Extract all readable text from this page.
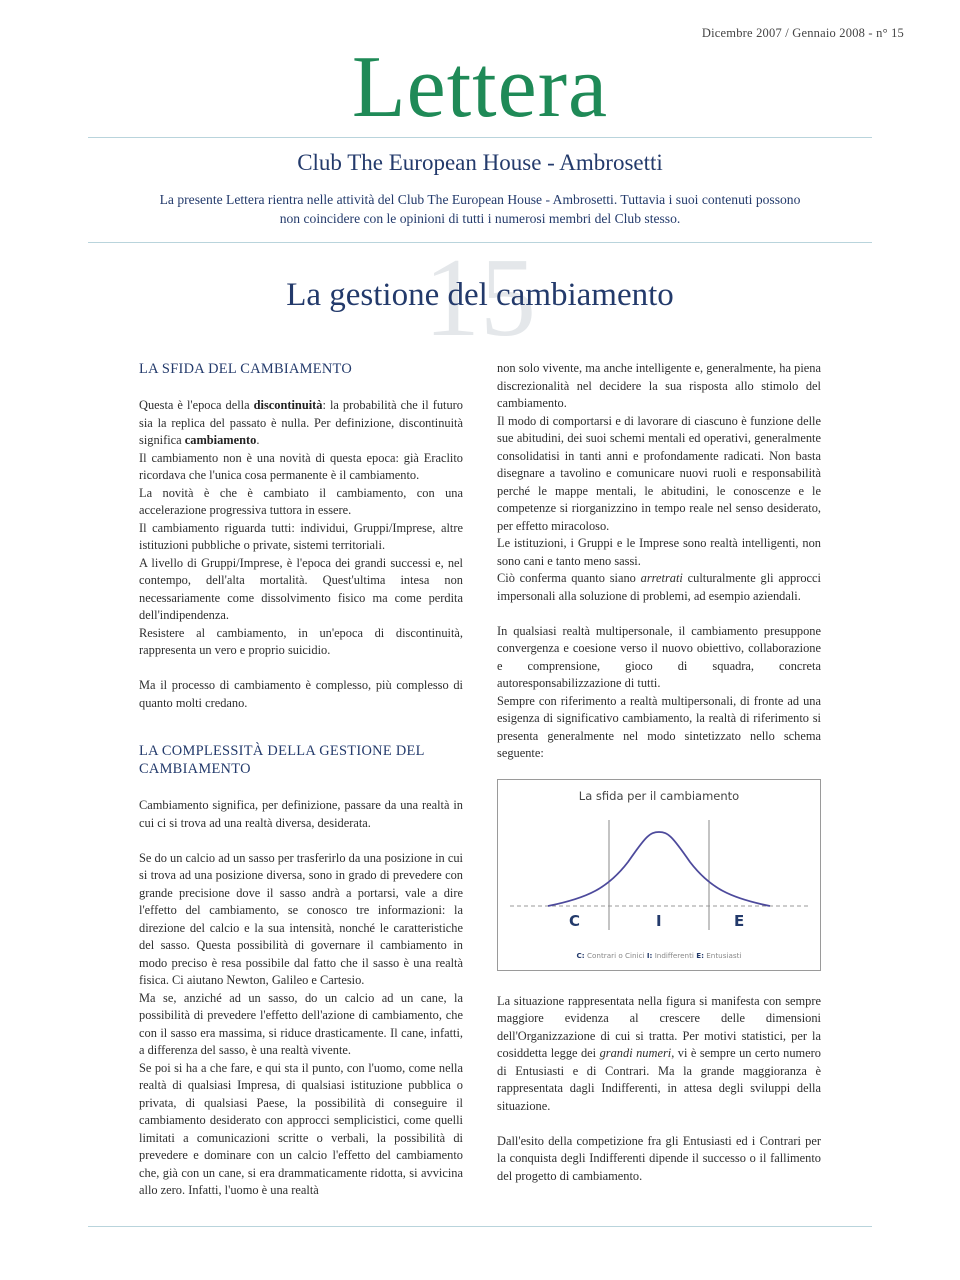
Dicembre 2007 / Gennaio 2008 - n° 15
Lettera
Club The European House - Ambrosetti
La presente Lettera rientra nelle attività del Club The European House - Ambrosetti. Tuttavia i suoi contenuti possono non coincidere con le opinioni di tutti i numerosi membri del Club stesso.
15
La gestione del cambiamento
LA SFIDA DEL CAMBIAMENTO

Questa è l'epoca della discontinuità: la probabilità che il futuro sia la replica del passato è nulla. Per definizione, discontinuità significa cambiamento.

Il cambiamento non è una novità di questa epoca: già Eraclito ricordava che l'unica cosa permanente è il cambiamento.

La novità è che è cambiato il cambiamento, con una accelerazione progressiva tuttora in essere.

Il cambiamento riguarda tutti: individui, Gruppi/Imprese, altre istituzioni pubbliche o private, sistemi territoriali.

A livello di Gruppi/Imprese, è l'epoca dei grandi successi e, nel contempo, dell'alta mortalità. Quest'ultima intesa non necessariamente come dissolvimento fisico ma come perdita dell'indipendenza.

Resistere al cambiamento, in un'epoca di discontinuità, rappresenta un vero e proprio suicidio.

Ma il processo di cambiamento è complesso, più complesso di quanto molti credano.

LA COMPLESSITÀ DELLA GESTIONE DEL CAMBIAMENTO

Cambiamento significa, per definizione, passare da una realtà in cui ci si trova ad una realtà diversa, desiderata.

Se do un calcio ad un sasso per trasferirlo da una posizione in cui si trova ad una posizione diversa, sono in grado di prevedere con grande precisione dove il sasso andrà a portarsi, vale a dire l'effetto del cambiamento, se conosco tre informazioni: la direzione del calcio e la sua intensità, nonché le caratteristiche del sasso. Questa possibilità di governare il cambiamento in modo preciso è resa possibile dal fatto che il sasso è una realtà fisica. Ci aiutano Newton, Galileo e Cartesio.

Ma se, anziché ad un sasso, do un calcio ad un cane, la possibilità di prevedere l'effetto dell'azione di cambiamento, che con il sasso era massima, si riduce drasticamente. Il cane, infatti, a differenza del sasso, è una realtà vivente.

Se poi si ha a che fare, e qui sta il punto, con l'uomo, come nella realtà di qualsiasi Impresa, di qualsiasi istituzione pubblica o privata, di qualsiasi Paese, la possibilità di conseguire il cambiamento desiderato con approcci semplicistici, come quelli limitati a comunicazioni scritte o verbali, la possibilità di prevedere e dominare con un calcio l'effetto del cambiamento che, già con un cane, si era drammaticamente ridotta, si avvicina allo zero. Infatti, l'uomo è una realtà

non solo vivente, ma anche intelligente e, generalmente, ha piena discrezionalità nel decidere la sua risposta allo stimolo del cambiamento.

Il modo di comportarsi e di lavorare di ciascuno è funzione delle sue abitudini, dei suoi schemi mentali ed operativi, generalmente consolidatisi in tanti anni e profondamente radicati. Non basta disegnare a tavolino e comunicare nuovi ruoli e responsabilità perché le mappe mentali, le abitudini, le conoscenze e le competenze si riorganizzino in tempo reale nel senso desiderato, per effetto miracoloso.

Le istituzioni, i Gruppi e le Imprese sono realtà intelligenti, non sono cani e tanto meno sassi.

Ciò conferma quanto siano arretrati culturalmente gli approcci impersonali alla soluzione di problemi, ad esempio aziendali.

In qualsiasi realtà multipersonale, il cambiamento presuppone convergenza e coesione verso il nuovo obiettivo, collaborazione e comprensione, gioco di squadra, concreta autoresponsabilizzazione di tutti.

Sempre con riferimento a realtà multipersonali, di fronte ad una esigenza di significativo cambiamento, la realtà di riferimento si presenta generalmente nel modo sintetizzato nello schema seguente:

La sfida per il cambiamento
C	I	E
C: Contrari o Cinici I: Indifferenti E: Entusiasti

La situazione rappresentata nella figura si manifesta con sempre maggiore evidenza al crescere delle dimensioni dell'Organizzazione di cui si tratta. Per motivi statistici, per la cosiddetta legge dei grandi numeri, vi è sempre un certo numero di Entusiasti e di Contrari. Ma la grande maggioranza è rappresentata dagli Indifferenti, in attesa degli sviluppi della situazione.

Dall'esito della competizione fra gli Entusiasti ed i Contrari per la conquista degli Indifferenti dipende il successo o il fallimento del progetto di cambiamento.
